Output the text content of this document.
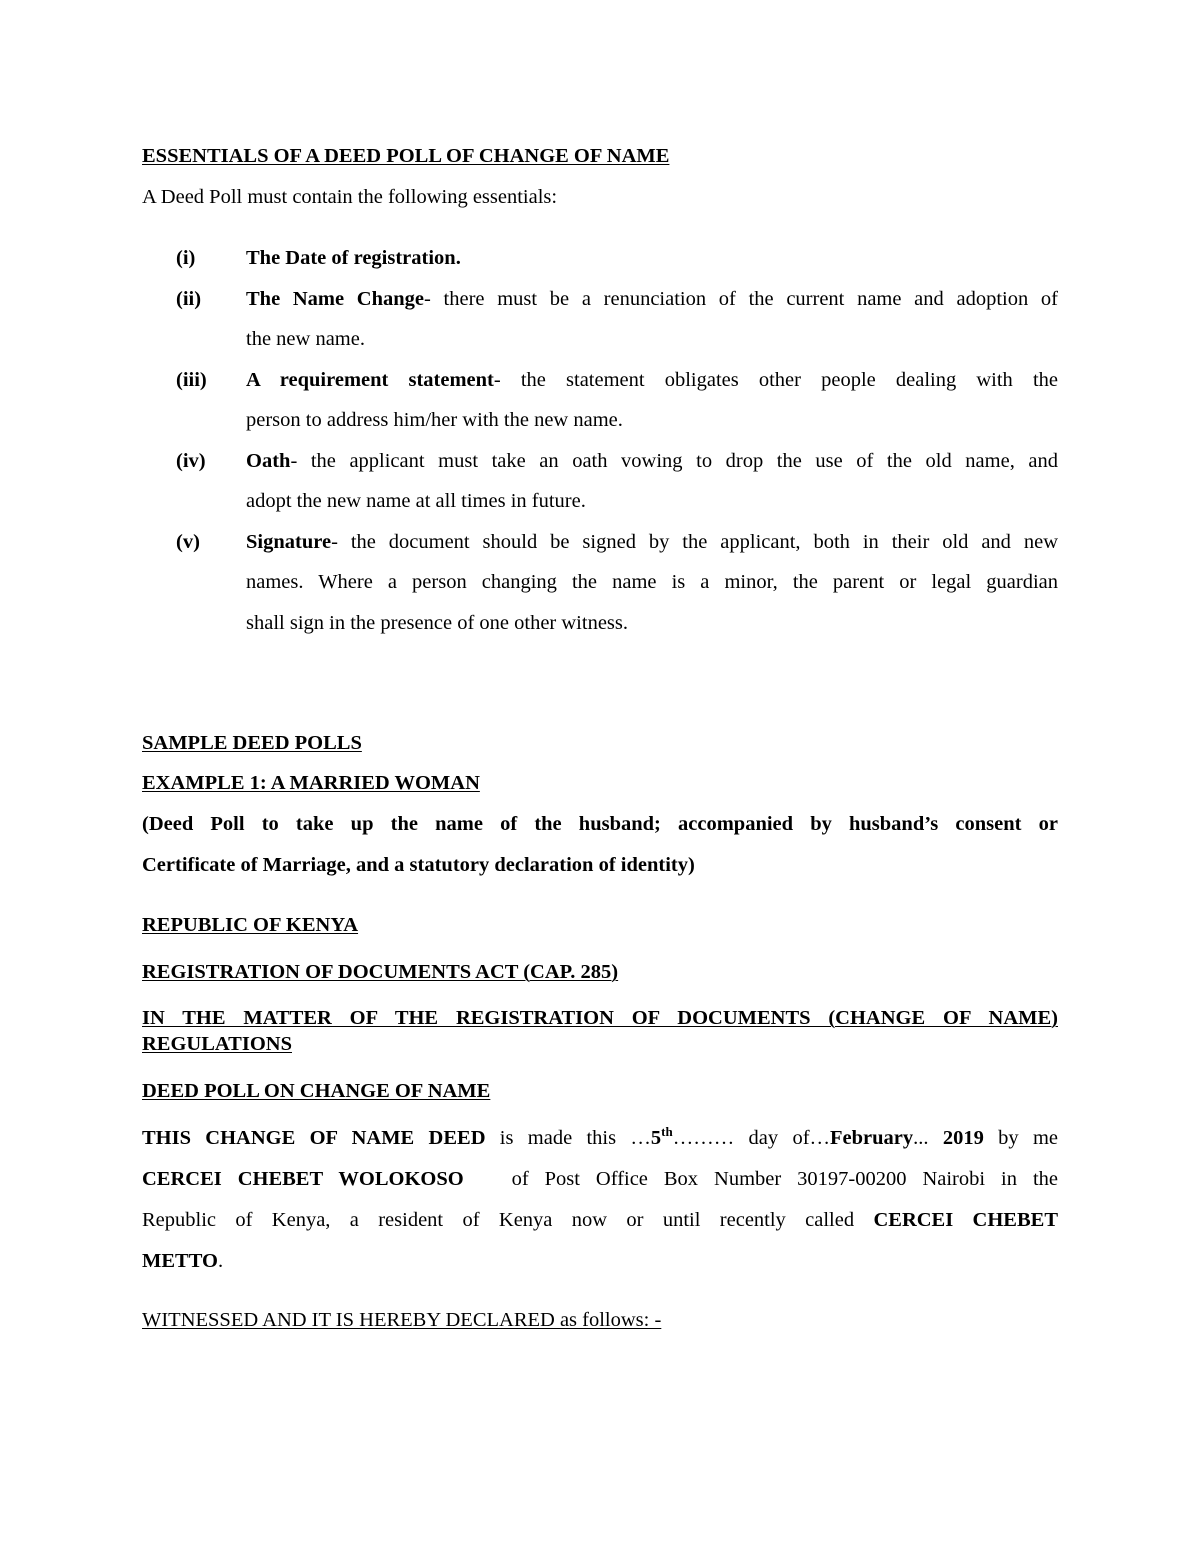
ESSENTIALS OF A DEED POLL OF CHANGE OF NAME
A Deed Poll must contain the following essentials:
(i) The Date of registration.
(ii) The Name Change- there must be a renunciation of the current name and adoption of
the new name.
(iii) A requirement statement- the statement obligates other people dealing with the
person to address him/her with the new name.
(iv) Oath- the applicant must take an oath vowing to drop the use of the old name, and
adopt the new name at all times in future.
(v) Signature- the document should be signed by the applicant, both in their old and new
names. Where a person changing the name is a minor, the parent or legal guardian
shall sign in the presence of one other witness.
SAMPLE DEED POLLS
EXAMPLE 1: A MARRIED WOMAN
(Deed Poll to take up the name of the husband; accompanied by husband’s consent or
Certificate of Marriage, and a statutory declaration of identity)
REPUBLIC OF KENYA
REGISTRATION OF DOCUMENTS ACT (CAP. 285)
IN THE MATTER OF THE REGISTRATION OF DOCUMENTS (CHANGE OF NAME)
REGULATIONS
DEED POLL ON CHANGE OF NAME
THIS CHANGE OF NAME DEED is made this …5th……… day of…February... 2019 by me
CERCEI CHEBET WOLOKOSO of Post Office Box Number 30197-00200 Nairobi in the
Republic of Kenya, a resident of Kenya now or until recently called CERCEI CHEBET
METTO.
WITNESSED AND IT IS HEREBY DECLARED as follows: -
